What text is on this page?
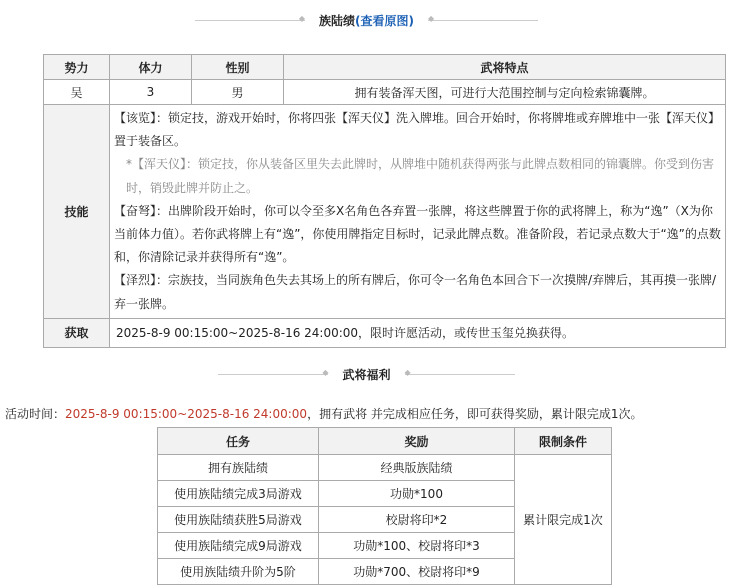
◆族陆绩(查看原图)◆
势力	体力	性别	武将特点
吴	3	男	拥有装备浑天图，可进行大范围控制与定向检索锦囊牌。
技能	【该览】：锁定技，游戏开始时，你将四张【浑天仪】洗入牌堆。回合开始时，你将牌堆或弃牌堆中一张【浑天仪】置于装备区。
*【浑天仪】：锁定技，你从装备区里失去此牌时，从牌堆中随机获得两张与此牌点数相同的锦囊牌。你受到伤害时，销毁此牌并防止之。
【奋弩】：出牌阶段开始时，你可以令至多X名角色各弃置一张牌，将这些牌置于你的武将牌上，称为“逸”（X为你当前体力值）。若你武将牌上有“逸”，你使用牌指定目标时，记录此牌点数。准备阶段，若记录点数大于“逸”的点数和，你清除记录并获得所有“逸”。
【泽烈】：宗族技，当同族角色失去其场上的所有牌后，你可令一名角色本回合下一次摸牌/弃牌后，其再摸一张牌/弃一张牌。		

获取	2025-8-9 00:15:00~2025-8-16 24:00:00，限时许愿活动，或传世玉玺兑换获得。		
◆武将福利◆
活动时间：2025-8-9 00:15:00~2025-8-16 24:00:00，拥有武将 并完成相应任务，即可获得奖励，累计限完成1次。
任务	奖励	限制条件
拥有族陆绩	经典版族陆绩	累计限完成1次
使用族陆绩完成3局游戏	功勋*100	
使用族陆绩获胜5局游戏	校尉将印*2	
使用族陆绩完成9局游戏	功勋*100、校尉将印*3	
使用族陆绩升阶为5阶	功勋*700、校尉将印*9	
